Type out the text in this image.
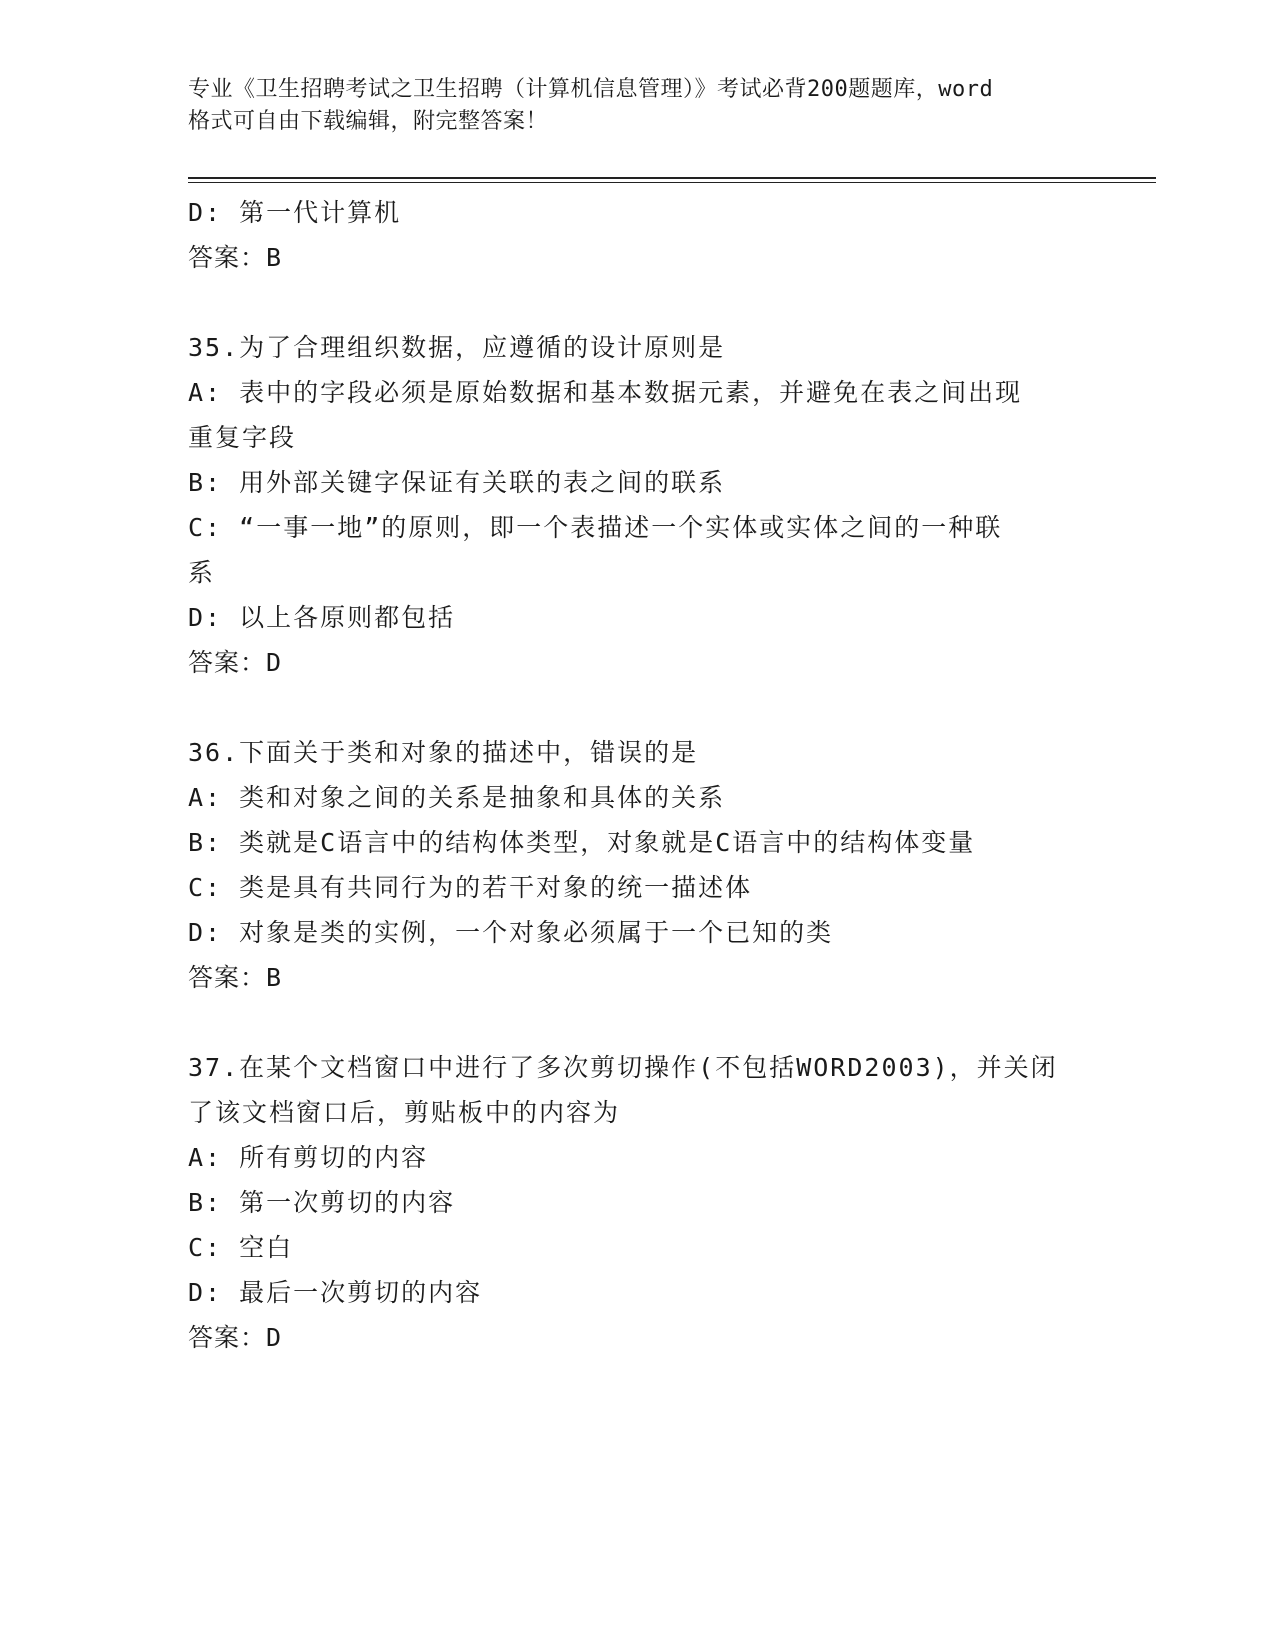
专业《卫生招聘考试之卫生招聘（计算机信息管理）》考试必背200题题库，word
格式可自由下载编辑，附完整答案！
D: 第一代计算机
答案：B
35.为了合理组织数据，应遵循的设计原则是
A: 表中的字段必须是原始数据和基本数据元素，并避免在表之间出现
重复字段
B: 用外部关键字保证有关联的表之间的联系
C: “一事一地”的原则，即一个表描述一个实体或实体之间的一种联
系
D: 以上各原则都包括
答案：D
36.下面关于类和对象的描述中，错误的是
A: 类和对象之间的关系是抽象和具体的关系
B: 类就是C语言中的结构体类型，对象就是C语言中的结构体变量
C: 类是具有共同行为的若干对象的统一描述体
D: 对象是类的实例，一个对象必须属于一个已知的类
答案：B
37.在某个文档窗口中进行了多次剪切操作(不包括WORD2003)，并关闭
了该文档窗口后，剪贴板中的内容为
A: 所有剪切的内容
B: 第一次剪切的内容
C: 空白
D: 最后一次剪切的内容
答案：D
